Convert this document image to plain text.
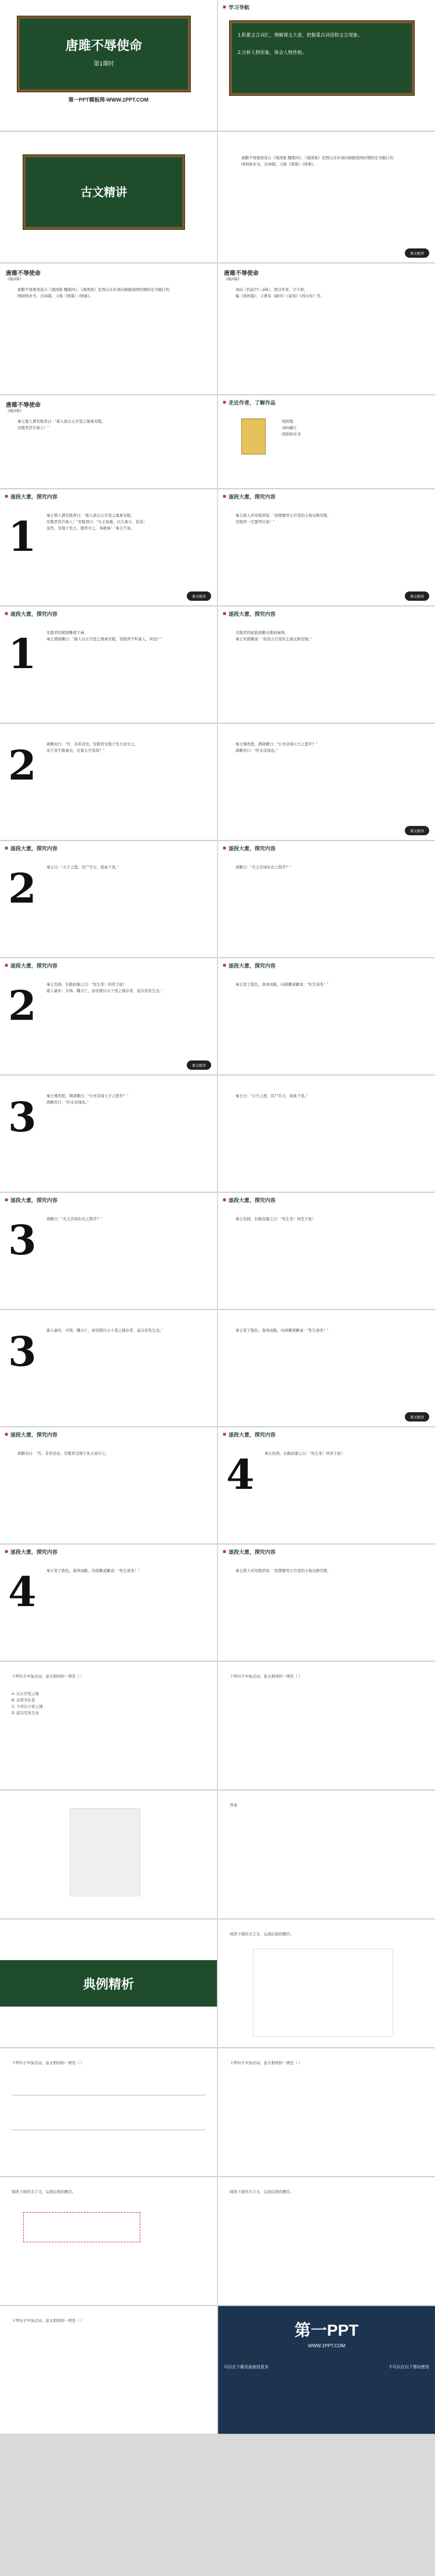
唐雎不辱使命
第1课时
第一PPT模板网-WWW.1PPT.COM
■ 学习导航
1.积累文言词汇，理解课文大意，把握重点词语和文言现象。
2.分析人物形象，体会人物性格。
古文精讲
唐雎不辱使命选自《战国策·魏策四》，《战国策》是西汉末年刘向根据战国时期的史书编订的
国别体史书，共33篇，又称《国策》《国事》。
课文精讲
唐雎不辱使命
《战国策》
唐雎不辱使命选自《战国策·魏策四》，《战国策》是西汉末年刘向根据战国时期的史书编订的
国别体史书，共33篇，又称《国策》《国事》。
唐雎不辱使命
《战国策》
刘向（约前77—前6），西汉学者，字子政，
编《战国策》，又著有《新序》《说苑》《列女传》等。
唐雎不辱使命
《战国策》
秦王使人谓安陵君曰：“寡人欲以五百里之地易安陵，
安陵君其许寡人！”
■ 走近作者，了解作品
战国策
刘向编订
国别体史书
■ 逐段大意，探究内容
1	秦王使人谓安陵君曰：“寡人欲以五百里之地易安陵，
安陵君其许寡人！”安陵君曰：“大王加惠，以大易小，甚善；
虽然，受地于先王，愿终守之，弗敢易！”秦王不说。
课文精讲
■ 逐段大意，探究内容
秦王派人对安陵君说：“我想要用五百里的土地交换安陵，
安陵君一定要答应我！”
课文精讲
■ 逐段大意，探究内容
1	安陵君因使唐雎使于秦。
秦王谓唐雎曰：“寡人以五百里之地易安陵，安陵君不听寡人，何也？”
■ 逐段大意，探究内容
安陵君因此派唐雎出使到秦国。
秦王对唐雎说：“我用五百里的土地交换安陵。”
2	唐雎对曰：“否，非若是也。安陵君受地于先王而守之，
虽千里不敢易也，岂直五百里哉？”
秦王怫然怒，谓唐雎曰：“公亦尝闻天子之怒乎？”
唐雎对曰：“臣未尝闻也。”
课文精讲
■ 逐段大意，探究内容
2	秦王曰：“天子之怒，伏尸百万，流血千里。”
■ 逐段大意，探究内容
唐雎曰：“大王尝闻布衣之怒乎？”
■ 逐段大意，探究内容
2	秦王色挠，长跪而谢之曰：“先生坐！何至于此！
寡人谕矣：夫韩、魏灭亡，而安陵以五十里之地存者，徒以有先生也。”
课文精讲
■ 逐段大意，探究内容
秦王变了脸色，直身而跪，向唐雎道歉说：“先生请坐！”
3	秦王怫然怒，谓唐雎曰：“公亦尝闻天子之怒乎？”
唐雎对曰：“臣未尝闻也。”
秦王曰：“天子之怒，伏尸百万，流血千里。”
■ 逐段大意，探究内容
3	唐雎曰：“大王尝闻布衣之怒乎？”
■ 逐段大意，探究内容
秦王色挠，长跪而谢之曰：“先生坐！何至于此！
3	寡人谕矣：夫韩、魏灭亡，而安陵以五十里之地存者，徒以有先生也。”	秦王变了脸色，直身而跪，向唐雎道歉说：“先生请坐！”
课文精讲
■ 逐段大意，探究内容
唐雎对曰：“否，非若是也。安陵君受地于先王而守之，
■ 逐段大意，探究内容
4	秦王色挠，长跪而谢之曰：“先生坐！何至于此！
■ 逐段大意，探究内容
4	秦王变了脸色，直身而跪，向唐雎道歉说：“先生请坐！”
■ 逐段大意，探究内容
秦王派人对安陵君说：“我想要用五百里的土地交换安陵，
下列句子中加点词，意义相同的一项是（ ）
A. 以五百里之地
B. 以君为长者
C. 今吾以十倍之地
D. 徒以有先生也
下列句子中加点词，意义相同的一项是（ ）
答案
典例精析
阅读下面的文言文，完成后面的题目。
下列句子中加点词，意义相同的一项是（ ）	下列句子中加点词，意义相同的一项是（ ）
阅读下面的文言文，完成后面的题目。	阅读下面的文言文，完成后面的题目。
下列句子中加点词，意义相同的一项是（ ）
第一PPT
WWW.1PPT.COM
可以在下载页面查找更多	不可以在以下情况使用
